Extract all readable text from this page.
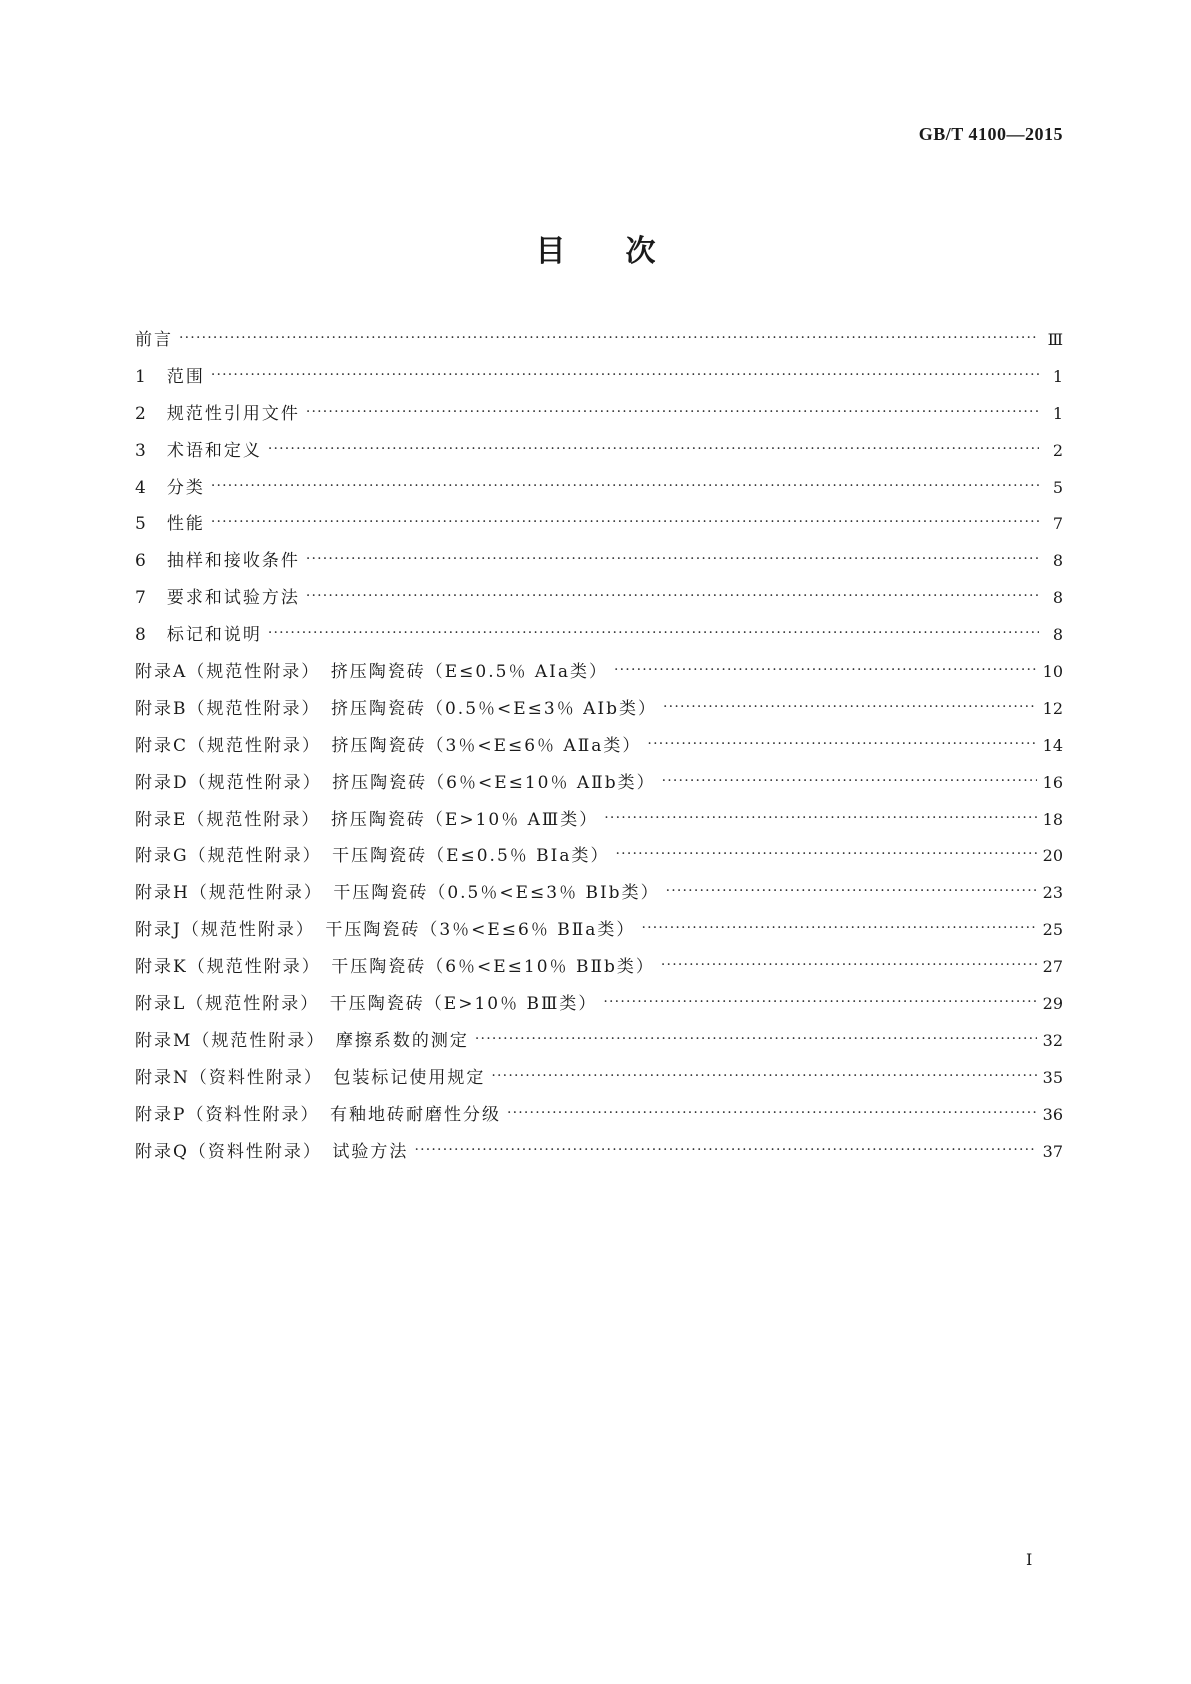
GB/T 4100—2015
目次
前言 ·····	Ⅲ
1　范围 ·····	1
2　规范性引用文件 ·····	1
3　术语和定义 ·····	2
4　分类 ·····	5
5　性能 ·····	7
6　抽样和接收条件 ·····	8
7　要求和试验方法 ·····	8
8　标记和说明 ·····	8
附录A（规范性附录）　挤压陶瓷砖（E≤0.5％ AⅠa类） ·····	10
附录B（规范性附录）　挤压陶瓷砖（0.5％<E≤3％ AⅠb类） ·····	12
附录C（规范性附录）　挤压陶瓷砖（3％<E≤6％ AⅡa类） ·····	14
附录D（规范性附录）　挤压陶瓷砖（6％<E≤10％ AⅡb类） ·····	16
附录E（规范性附录）　挤压陶瓷砖（E>10％ AⅢ类） ·····	18
附录G（规范性附录）　干压陶瓷砖（E≤0.5％ BⅠa类） ·····	20
附录H（规范性附录）　干压陶瓷砖（0.5％<E≤3％ BⅠb类） ·····	23
附录J（规范性附录）　干压陶瓷砖（3％<E≤6％ BⅡa类） ·····	25
附录K（规范性附录）　干压陶瓷砖（6％<E≤10％ BⅡb类） ·····	27
附录L（规范性附录）　干压陶瓷砖（E>10％ BⅢ类） ·····	29
附录M（规范性附录）　摩擦系数的测定 ·····	32
附录N（资料性附录）　包装标记使用规定 ·····	35
附录P（资料性附录）　有釉地砖耐磨性分级 ·····	36
附录Q（资料性附录）　试验方法 ·····	37
Ⅰ
